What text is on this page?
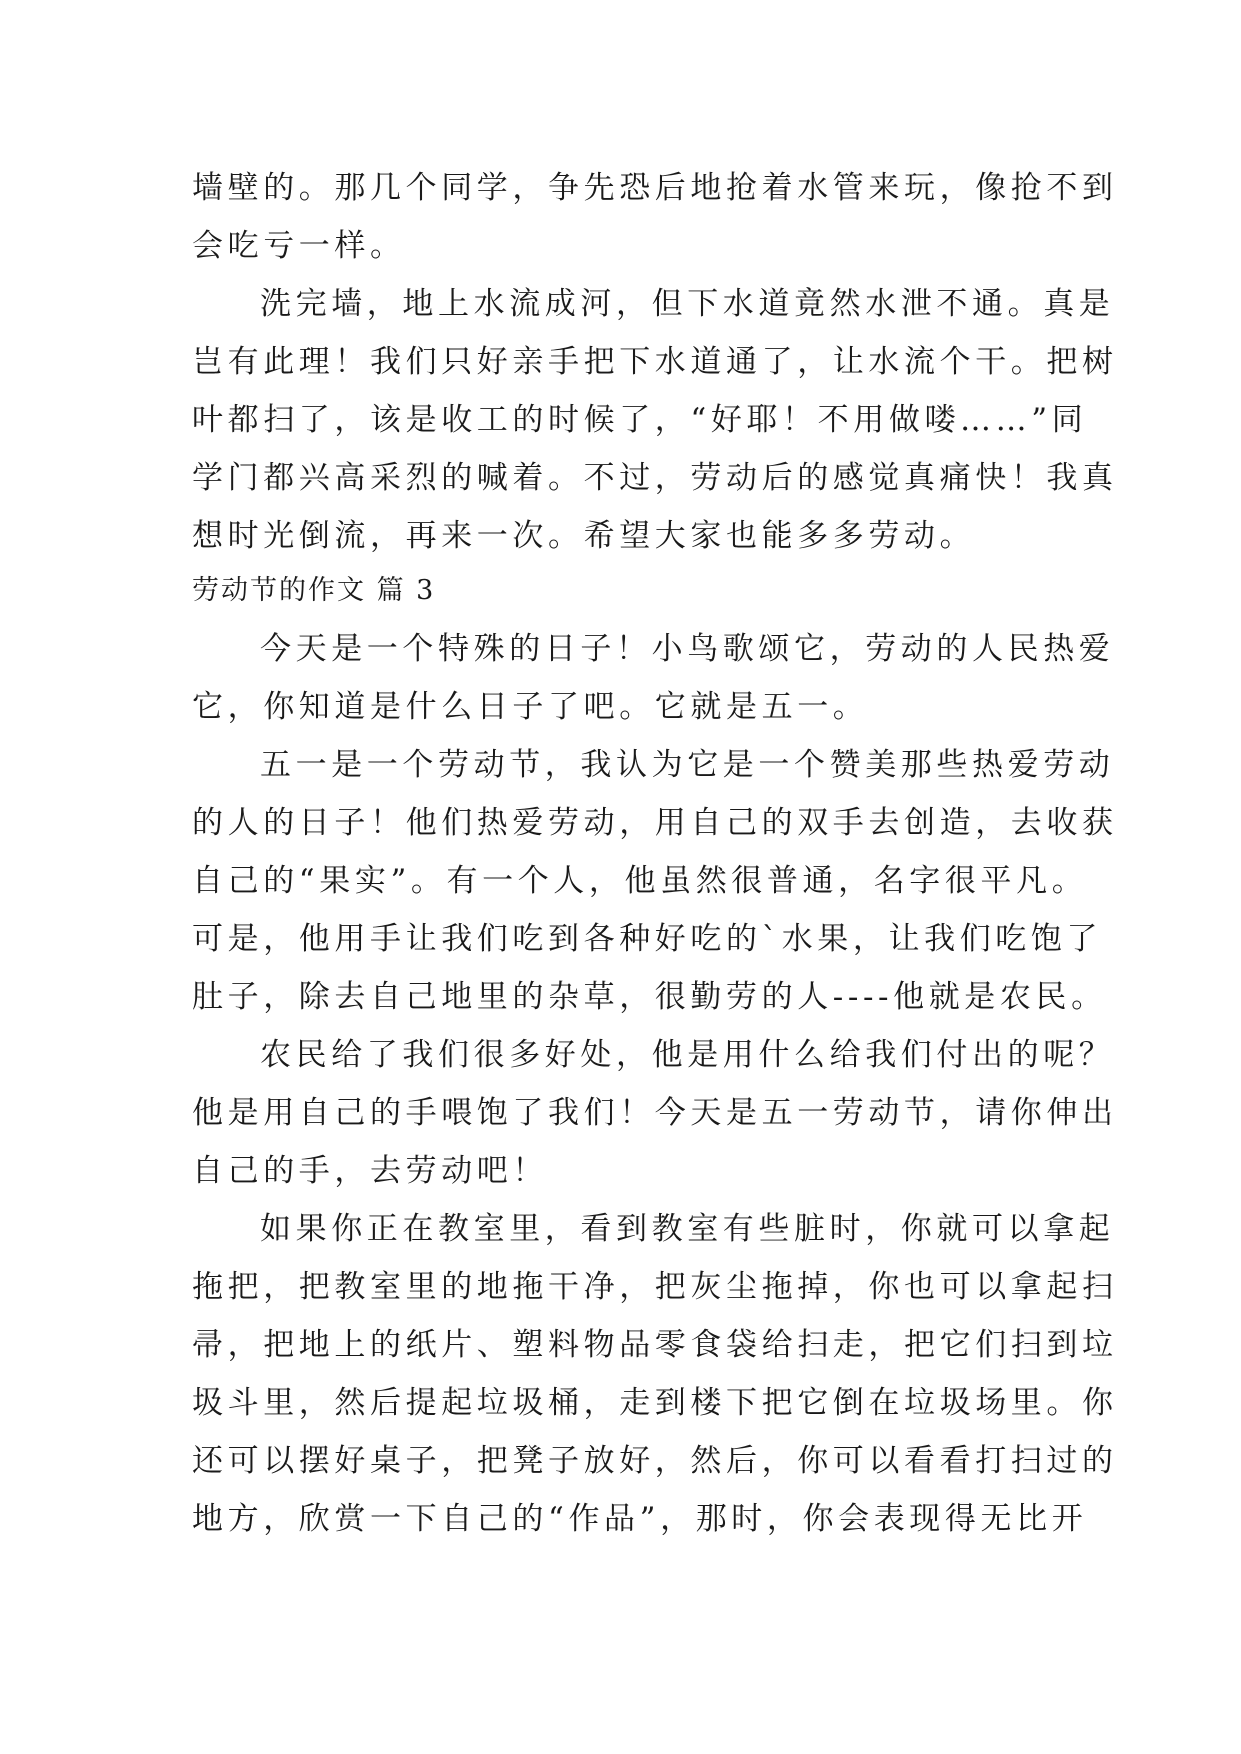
墙壁的。那几个同学，争先恐后地抢着水管来玩，像抢不到
会吃亏一样。
洗完墙，地上水流成河，但下水道竟然水泄不通。真是
岂有此理！我们只好亲手把下水道通了，让水流个干。把树
叶都扫了，该是收工的时候了，“好耶！不用做喽……”同
学门都兴高采烈的喊着。不过，劳动后的感觉真痛快！我真
想时光倒流，再来一次。希望大家也能多多劳动。
劳动节的作文 篇 3
今天是一个特殊的日子！小鸟歌颂它，劳动的人民热爱
它，你知道是什么日子了吧。它就是五一。
五一是一个劳动节，我认为它是一个赞美那些热爱劳动
的人的日子！他们热爱劳动，用自己的双手去创造，去收获
自己的“果实”。有一个人，他虽然很普通，名字很平凡。
可是，他用手让我们吃到各种好吃的`水果，让我们吃饱了
肚子，除去自己地里的杂草，很勤劳的人----他就是农民。
农民给了我们很多好处，他是用什么给我们付出的呢？
他是用自己的手喂饱了我们！今天是五一劳动节，请你伸出
自己的手，去劳动吧！
如果你正在教室里，看到教室有些脏时，你就可以拿起
拖把，把教室里的地拖干净，把灰尘拖掉，你也可以拿起扫
帚，把地上的纸片、塑料物品零食袋给扫走，把它们扫到垃
圾斗里，然后提起垃圾桶，走到楼下把它倒在垃圾场里。你
还可以摆好桌子，把凳子放好，然后，你可以看看打扫过的
地方，欣赏一下自己的“作品”，那时，你会表现得无比开
